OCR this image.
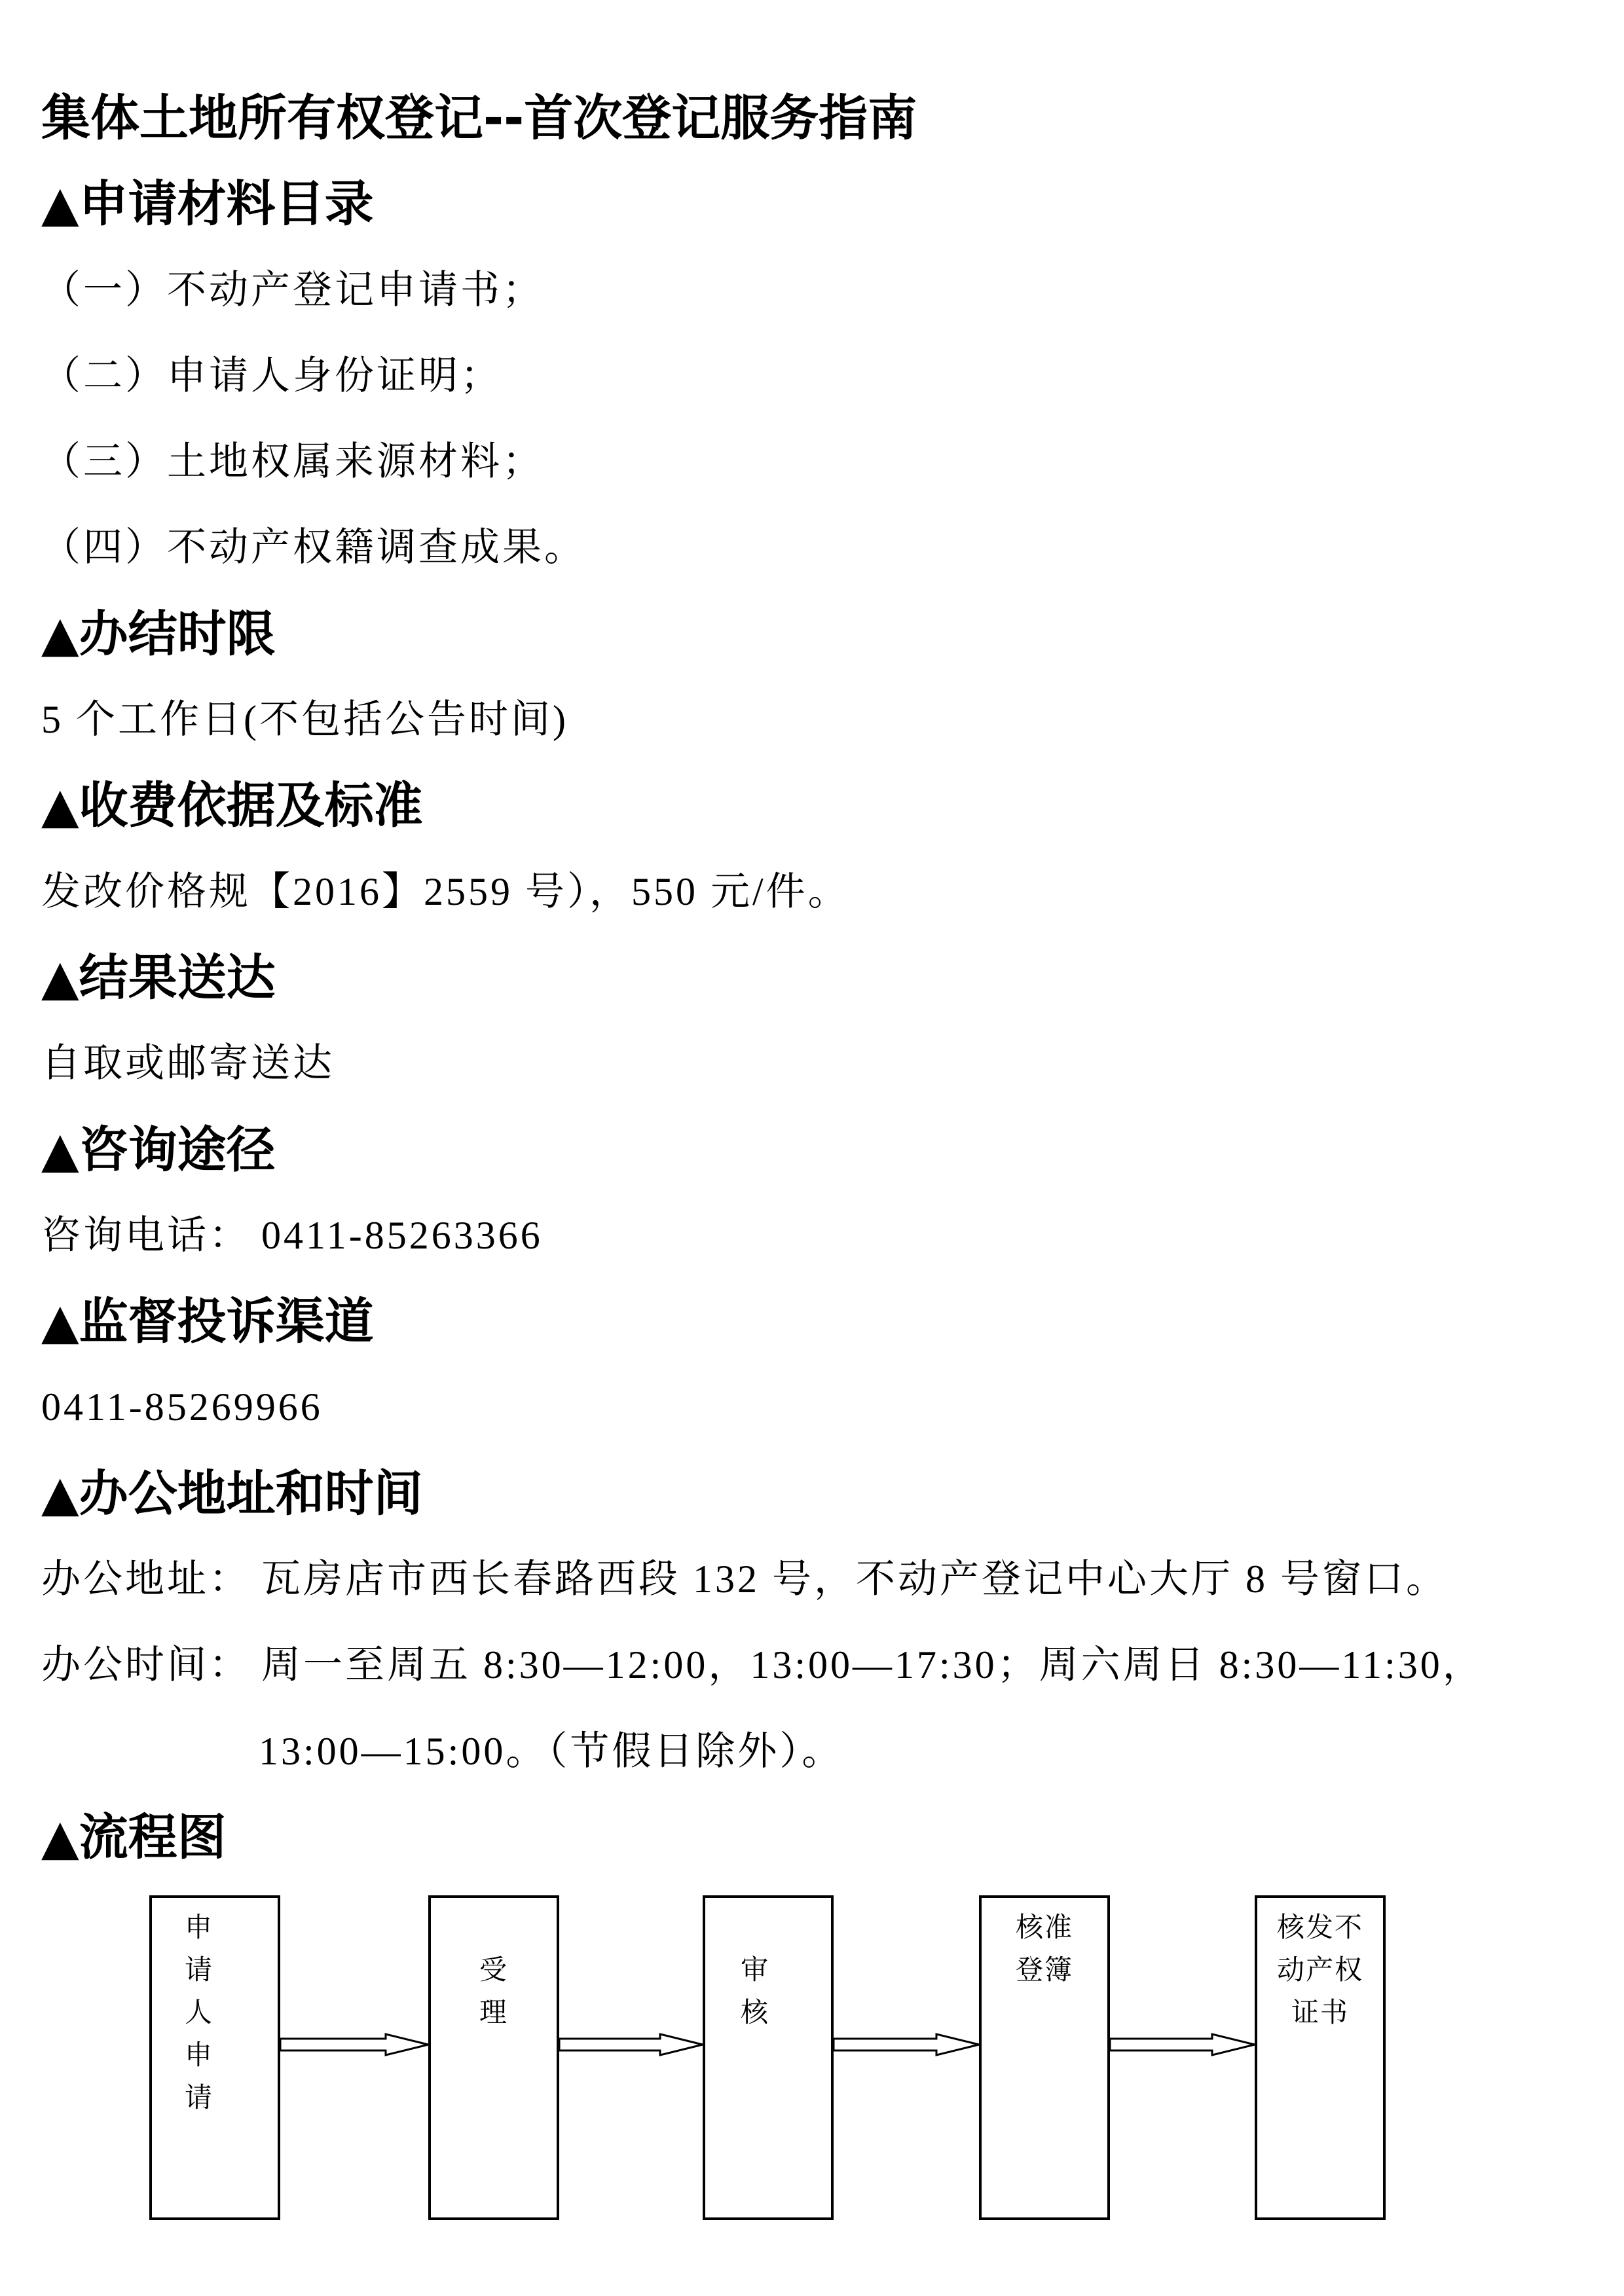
集体土地所有权登记--首次登记服务指南
▲申请材料目录
（一）不动产登记申请书；
（二）申请人身份证明；
（三）土地权属来源材料；
（四）不动产权籍调查成果。
▲办结时限
5 个工作日(不包括公告时间)
▲收费依据及标准
发改价格规【2016】2559 号），550 元/件。
▲结果送达
自取或邮寄送达
▲咨询途径
咨询电话： 0411-85263366
▲监督投诉渠道
0411-85269966
▲办公地址和时间
办公地址： 瓦房店市西长春路西段 132 号，不动产登记中心大厅 8 号窗口。
办公时间： 周一至周五 8:30—12:00，13:00—17:30；周六周日 8:30—11:30，
13:00—15:00。（节假日除外）。
▲流程图
申
请
人
申
请
受
理
审
核
核准
登簿
核发不
动产权
证书
